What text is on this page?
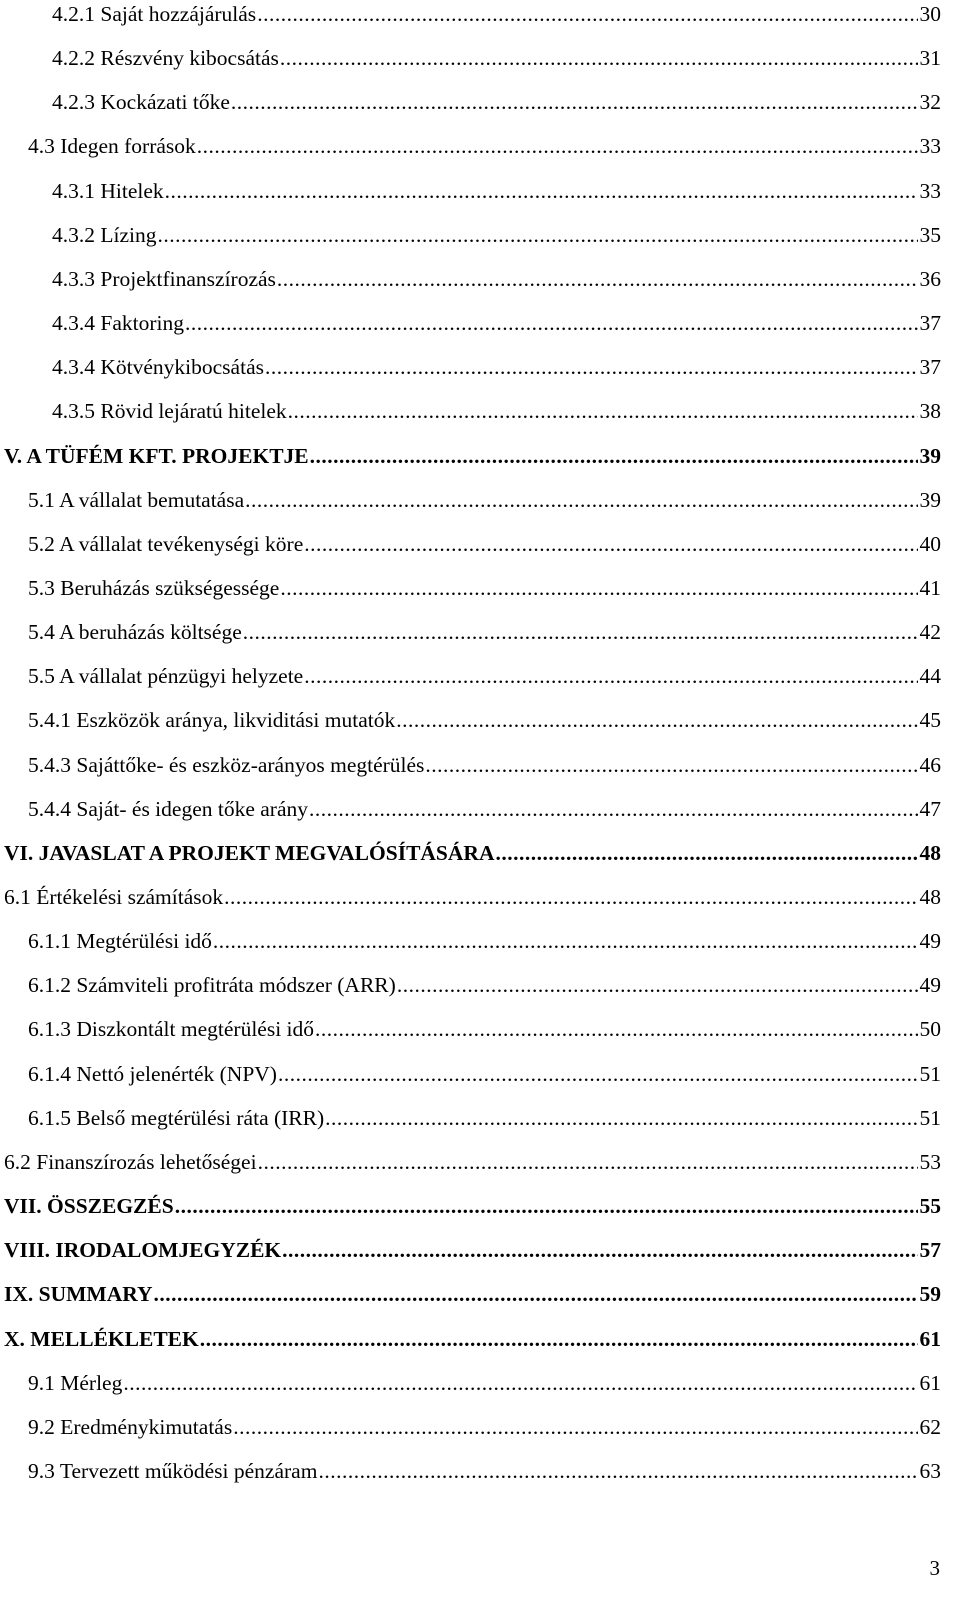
4.2.1 Saját hozzájárulás .....	30
4.2.2 Részvény kibocsátás .....	31
4.2.3 Kockázati tőke .....	32
4.3 Idegen források .....	33
4.3.1 Hitelek .....	33
4.3.2 Lízing .....	35
4.3.3 Projektfinanszírozás .....	36
4.3.4 Faktoring .....	37
4.3.4 Kötvénykibocsátás .....	37
4.3.5 Rövid lejáratú hitelek .....	38
V. A TÜFÉM KFT. PROJEKTJE .....	39
5.1 A vállalat bemutatása .....	39
5.2 A vállalat tevékenységi köre .....	40
5.3 Beruházás szükségessége .....	41
5.4 A beruházás költsége .....	42
5.5 A vállalat pénzügyi helyzete .....	44
5.4.1 Eszközök aránya, likviditási mutatók .....	45
5.4.3 Sajáttőke- és eszköz-arányos megtérülés .....	46
5.4.4 Saját- és idegen tőke arány .....	47
VI. JAVASLAT A PROJEKT MEGVALÓSÍTÁSÁRA .....	48
6.1 Értékelési számítások .....	48
6.1.1 Megtérülési idő .....	49
6.1.2 Számviteli profitráta módszer (ARR) .....	49
6.1.3 Diszkontált megtérülési idő .....	50
6.1.4 Nettó jelenérték (NPV) .....	51
6.1.5 Belső megtérülési ráta (IRR) .....	51
6.2 Finanszírozás lehetőségei .....	53
VII. ÖSSZEGZÉS .....	55
VIII. IRODALOMJEGYZÉK .....	57
IX. SUMMARY .....	59
X. MELLÉKLETEK .....	61
9.1 Mérleg .....	61
9.2 Eredménykimutatás .....	62
9.3 Tervezett működési pénzáram .....	63
3
